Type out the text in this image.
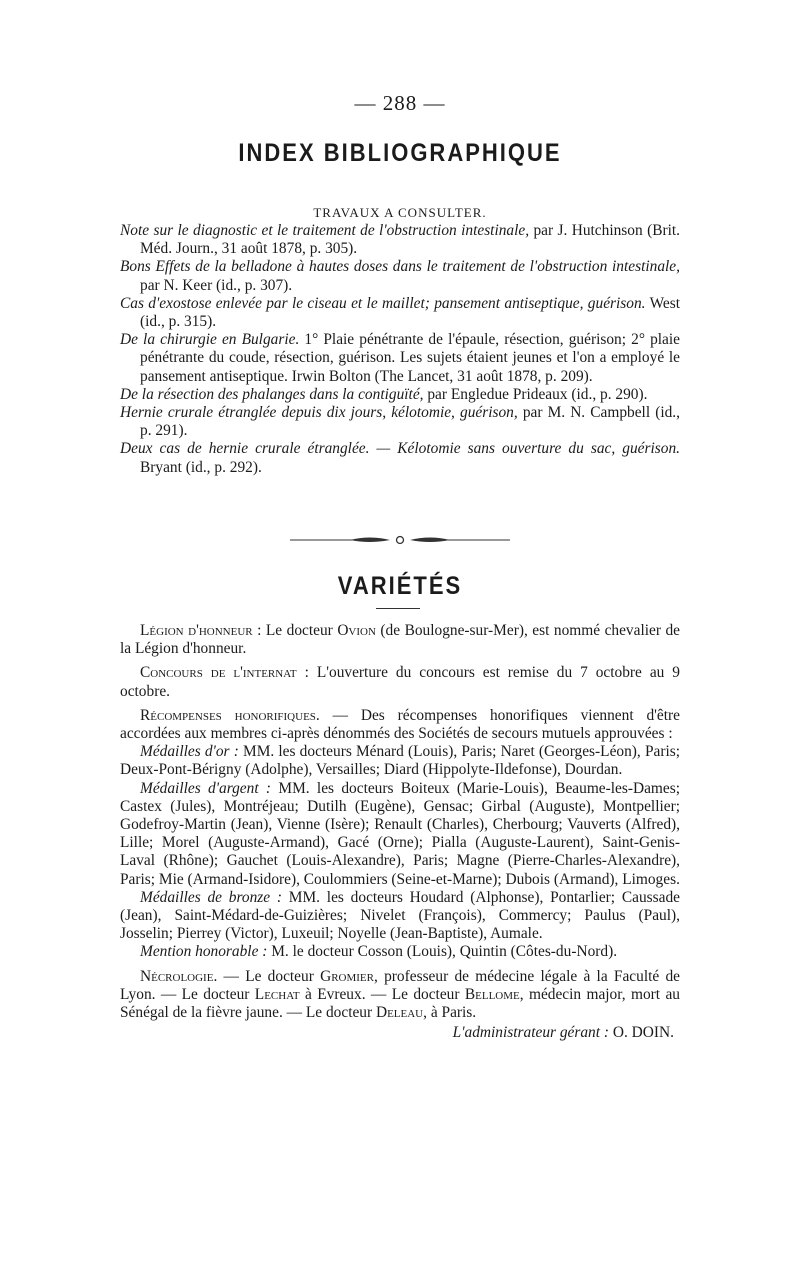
— 288 —
INDEX BIBLIOGRAPHIQUE
TRAVAUX A CONSULTER.

Note sur le diagnostic et le traitement de l'obstruction intestinale, par J. Hutchinson (Brit. Méd. Journ., 31 août 1878, p. 305).

Bons Effets de la belladone à hautes doses dans le traitement de l'obstruction intestinale, par N. Keer (id., p. 307).

Cas d'exostose enlevée par le ciseau et le maillet; pansement antiseptique, guérison. West (id., p. 315).

De la chirurgie en Bulgarie. 1° Plaie pénétrante de l'épaule, résection, guérison; 2° plaie pénétrante du coude, résection, guérison. Les sujets étaient jeunes et l'on a employé le pansement antiseptique. Irwin Bolton (The Lancet, 31 août 1878, p. 209).

De la résection des phalanges dans la contiguïté, par Engledue Prideaux (id., p. 290).

Hernie crurale étranglée depuis dix jours, kélotomie, guérison, par M. N. Campbell (id., p. 291).

Deux cas de hernie crurale étranglée. — Kélotomie sans ouverture du sac, guérison. Bryant (id., p. 292).

VARIÉTÉS

Légion d'honneur : Le docteur Ovion (de Boulogne-sur-Mer), est nommé chevalier de la Légion d'honneur.

Concours de l'internat : L'ouverture du concours est remise du 7 octobre au 9 octobre.

Récompenses honorifiques. — Des récompenses honorifiques viennent d'être accordées aux membres ci-après dénommés des Sociétés de secours mutuels approuvées :

Médailles d'or : MM. les docteurs Ménard (Louis), Paris; Naret (Georges-Léon), Paris; Deux-Pont-Bérigny (Adolphe), Versailles; Diard (Hippolyte-Ildefonse), Dourdan.

Médailles d'argent : MM. les docteurs Boiteux (Marie-Louis), Beaume-les-Dames; Castex (Jules), Montréjeau; Dutilh (Eugène), Gensac; Girbal (Auguste), Montpellier; Godefroy-Martin (Jean), Vienne (Isère); Renault (Charles), Cherbourg; Vauverts (Alfred), Lille; Morel (Auguste-Armand), Gacé (Orne); Pialla (Auguste-Laurent), Saint-Genis-Laval (Rhône); Gauchet (Louis-Alexandre), Paris; Magne (Pierre-Charles-Alexandre), Paris; Mie (Armand-Isidore), Coulommiers (Seine-et-Marne); Dubois (Armand), Limoges.

Médailles de bronze : MM. les docteurs Houdard (Alphonse), Pontarlier; Caussade (Jean), Saint-Médard-de-Guizières; Nivelet (François), Commercy; Paulus (Paul), Josselin; Pierrey (Victor), Luxeuil; Noyelle (Jean-Baptiste), Aumale.

Mention honorable : M. le docteur Cosson (Louis), Quintin (Côtes-du-Nord).

Nécrologie. — Le docteur Gromier, professeur de médecine légale à la Faculté de Lyon. — Le docteur Lechat à Evreux. — Le docteur Bellome, médecin major, mort au Sénégal de la fièvre jaune. — Le docteur Deleau, à Paris.

L'administrateur gérant : O. DOIN.
